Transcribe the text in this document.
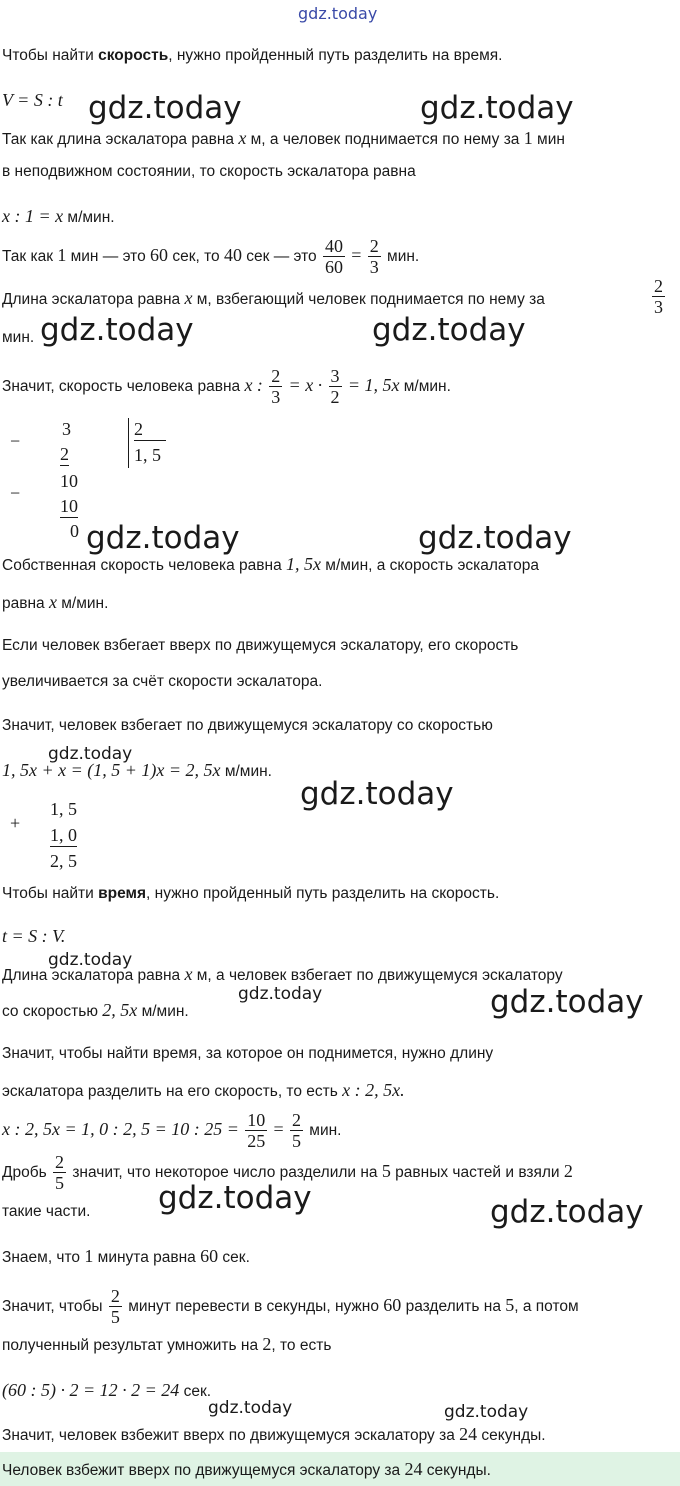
gdz.today
gdz.today	gdz.today
gdz.today	gdz.today
gdz.today	gdz.today
gdz.today
gdz.today
gdz.today
gdz.today	gdz.today
gdz.today	gdz.today
gdz.today	gdz.today
Чтобы найти скорость, нужно пройденный путь разделить на время.
V = S : t
Так как длина эскалатора равна x м, а человек поднимается по нему за 1 мин
в неподвижном состоянии, то скорость эскалатора равна
x : 1 = x м/мин.
Так как 1 мин — это 60 сек, то 40 сек — это $\frac{40}{60} = \frac{2}{3}$ мин.
Длина эскалатора равна x м, взбегающий человек поднимается по нему за	$\frac{2}{3}$
мин.
Значит, скорость человека равна x : $\frac{2}{3} = x \cdot \frac{3}{2} = 1$, 5x м/мин.
−
3
2
−
10
10
0
2
1, 5
Собственная скорость человека равна 1, 5x м/мин, а скорость эскалатора
равна x м/мин.
Если человек взбегает вверх по движущемуся эскалатору, его скорость
увеличивается за счёт скорости эскалатора.
Значит, человек взбегает по движущемуся эскалатору со скоростью
1, 5x + x = (1, 5 + 1)x = 2, 5x м/мин.
+
1, 5
1, 0
2, 5
Чтобы найти время, нужно пройденный путь разделить на скорость.
t = S : V.
Длина эскалатора равна x м, а человек взбегает по движущемуся эскалатору
со скоростью 2, 5x м/мин.
Значит, чтобы найти время, за которое он поднимется, нужно длину
эскалатора разделить на его скорость, то есть x : 2, 5x.
x : 2, 5x = 1, 0 : 2, 5 = 10 : $25 = \frac{10}{25} = \frac{2}{5}$ мин.
Дробь $\frac{2}{5}$ значит, что некоторое число разделили на 5 равных частей и взяли 2
такие части.
Знаем, что 1 минута равна 60 сек.
Значит, чтобы $\frac{2}{5}$ минут перевести в секунды, нужно 60 разделить на 5, а потом
полученный результат умножить на 2, то есть
(60 : 5) · 2 = 12 · 2 = 24 сек.
Значит, человек взбежит вверх по движущемуся эскалатору за 24 секунды.
Человек взбежит вверх по движущемуся эскалатору за 24 секунды.
